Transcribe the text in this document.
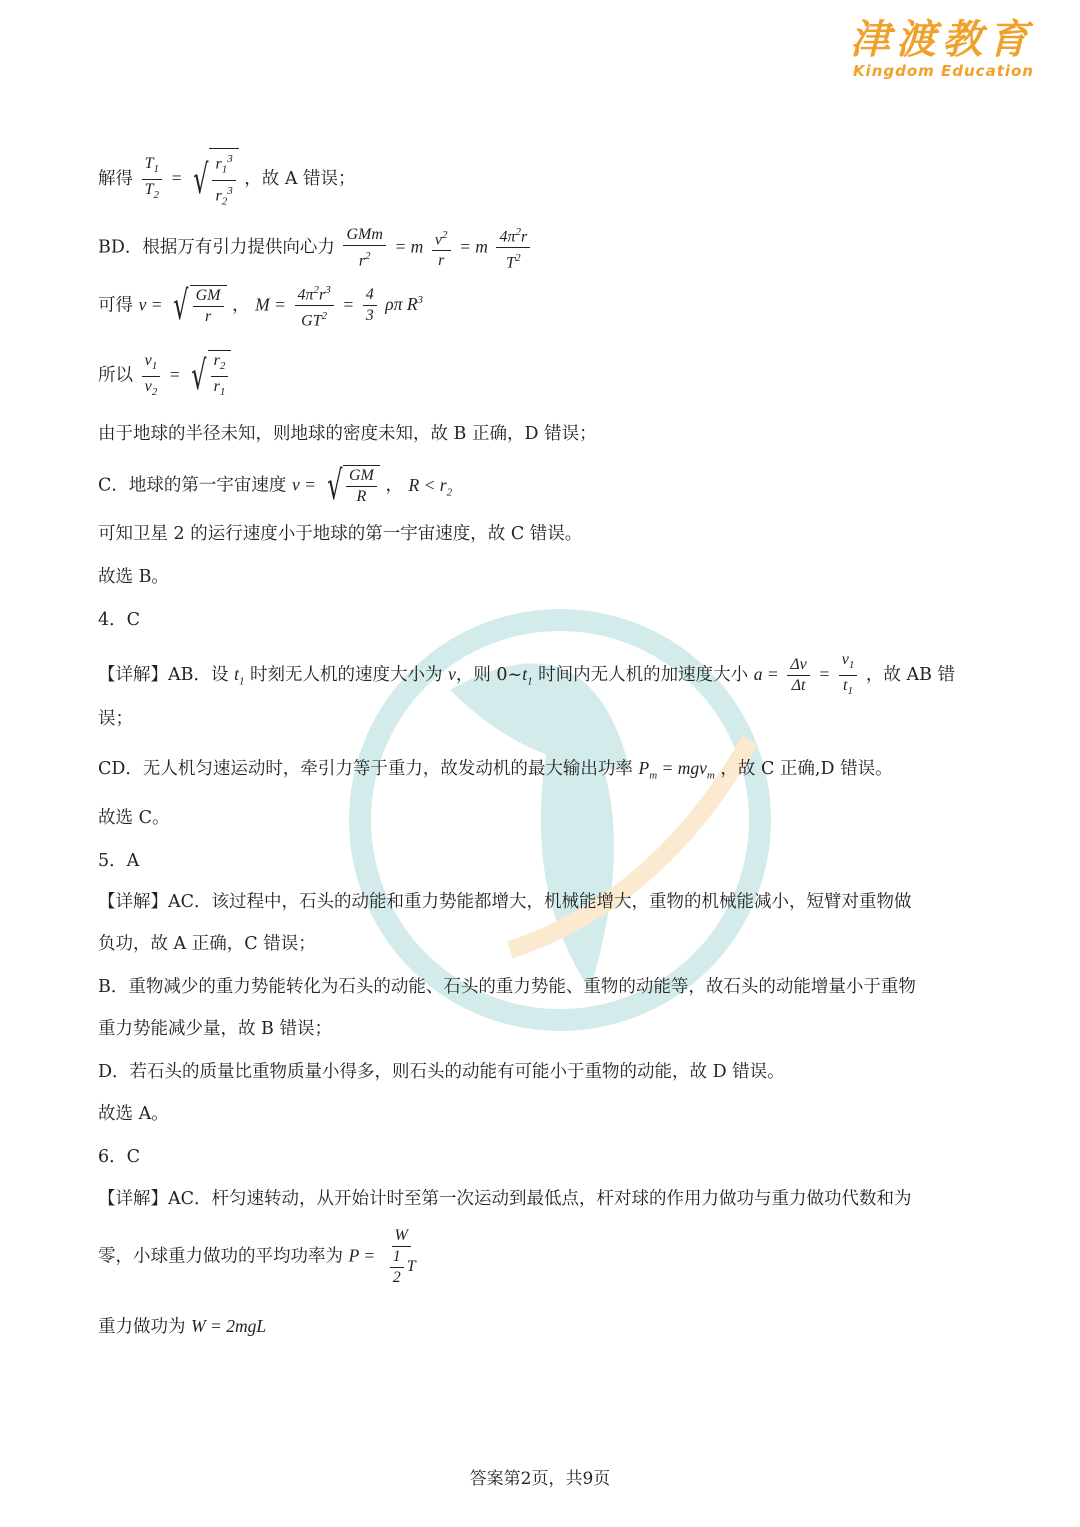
津渡教育
Kingdom Education
解得 $\frac{T_1}{T_2}$ = √ $\frac{r_1^3}{r_2^3}$ ，故 A 错误；
BD．根据万有引力提供向心力 $\frac{\text{GMm}}{r^2} = m \frac{v^2}{r} = m \frac{4\pi^2r}{T^2}$
可得 v = √ $\frac{GM}{r}$ ， $M = \frac{4\pi^2r^3}{GT^2} = \frac{4}{3}$ ρπ $R^3$
所以 $\frac{v_1}{v_2}$ = √ $\frac{r_2}{r_1}$
由于地球的半径未知，则地球的密度未知，故 B 正确，D 错误；
C．地球的第一宇宙速度 v = √ $\frac{GM}{R}$ ， $R < r_2$
可知卫星 2 的运行速度小于地球的第一宇宙速度，故 C 错误。
故选 B。
4．C
【详解】AB．设 $t_1$ 时刻无人机的速度大小为 v，则 $0\sim t_1$ 时间内无人机的加速度大小 $a = \frac{\Delta v}{\Delta t} = \frac{v_1}{t_1}$ ，故 AB 错
误；
CD．无人机匀速运动时，牵引力等于重力，故发动机的最大输出功率 $P_m = mgv_m$ ，故 C 正确,D 错误。
故选 C。
5．A
【详解】AC．该过程中，石头的动能和重力势能都增大，机械能增大，重物的机械能减小，短臂对重物做
负功，故 A 正确，C 错误；
B．重物减少的重力势能转化为石头的动能、石头的重力势能、重物的动能等，故石头的动能增量小于重物
重力势能减少量，故 B 错误；
D．若石头的质量比重物质量小得多，则石头的动能有可能小于重物的动能，故 D 错误。
故选 A。
6．C
【详解】AC．杆匀速转动，从开始计时至第一次运动到最低点，杆对球的作用力做功与重力做功代数和为
零，小球重力做功的平均功率为 $P = \frac{W}{\frac{1}{2} T}$
重力做功为 W = 2mgL
答案第2页，共9页
